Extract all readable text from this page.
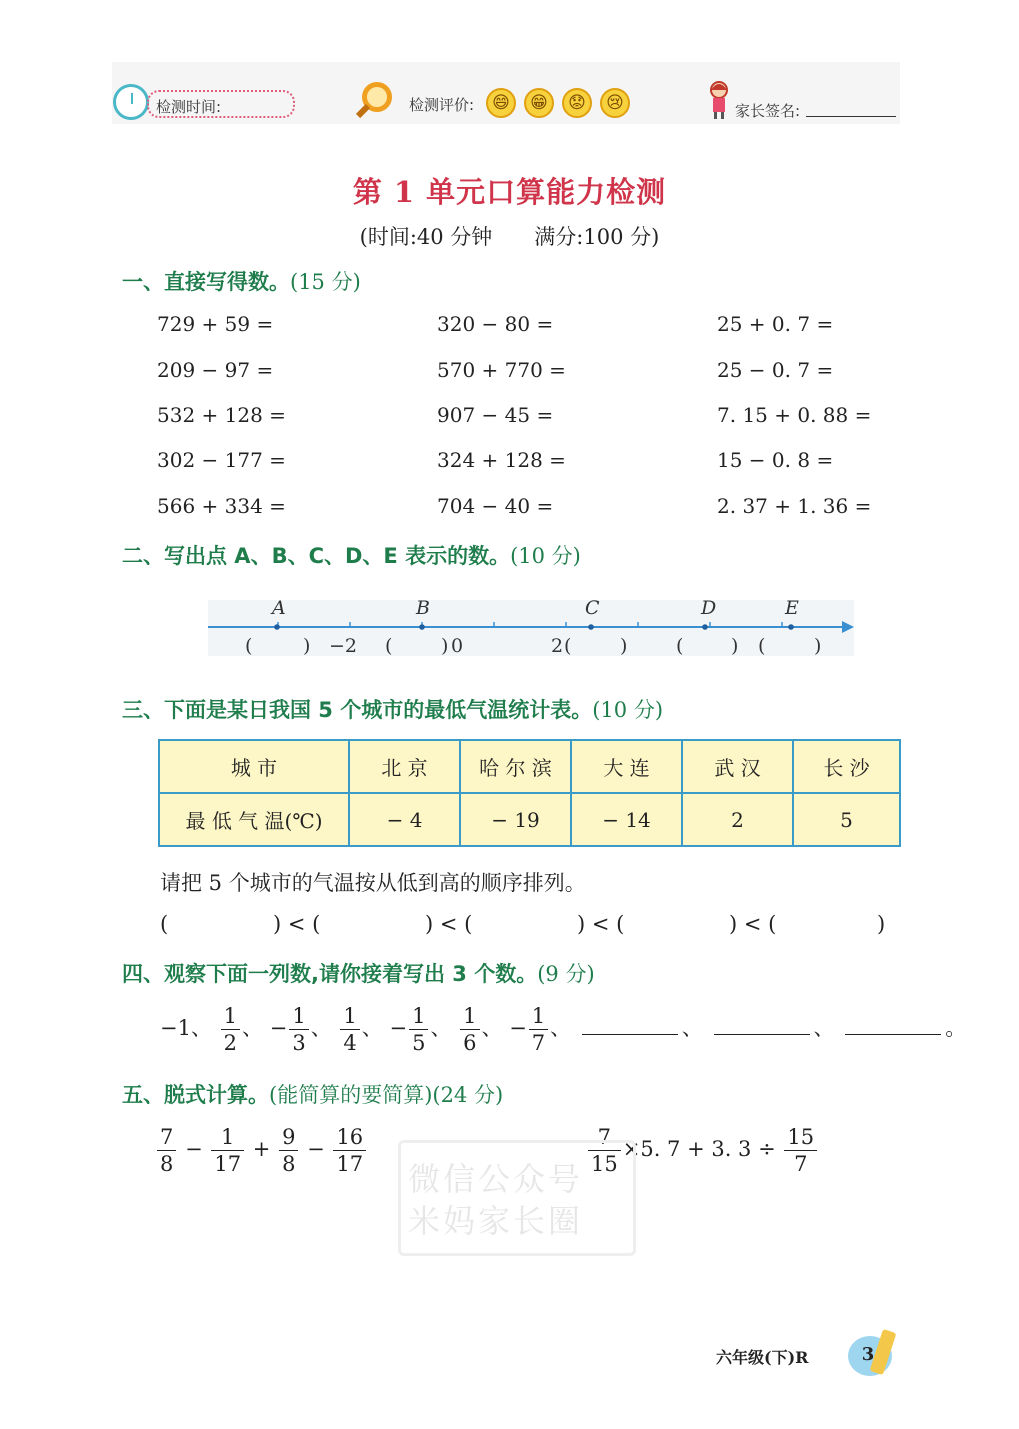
检测时间:	检测评价:	😄	😁	😟	😢	家长签名:
第 1 单元口算能力检测
(时间:40 分钟　　满分:100 分)
一、直接写得数。(15 分)
729 + 59 =	320 − 80 =	25 + 0. 7 =
209 − 97 =	570 + 770 =	25 − 0. 7 =
532 + 128 =	907 − 45 =	7. 15 + 0. 88 =
302 − 177 =	324 + 128 =	15 − 0. 8 =
566 + 334 =	704 − 40 =	2. 37 + 1. 36 =
二、写出点 A、B、C、D、E 表示的数。(10 分)
A	B	C	D	E
(	) −2 (	) 0	2 (	)	(	) (	)
三、下面是某日我国 5 个城市的最低气温统计表。(10 分)
城 市	北 京	哈 尔 滨	大 连	武 汉	长 沙
最 低 气 温(℃)	− 4	− 19	− 14	2	5
请把 5 个城市的气温按从低到高的顺序排列。
(	) < (	) < (	) < (	) < (	)
四、观察下面一列数,请你接着写出 3 个数。(9 分)
−1、 $\frac{1}{2}$ 、 − $\frac{1}{3}$ 、 $\frac{1}{4}$ 、 − $\frac{1}{5}$ 、 $\frac{1}{6}$ 、 − $\frac{1}{7}$ 、	、	、	。
五、脱式计算。(能简算的要简算)(24 分)
$\frac{7}{8} - \frac{1}{17} + \frac{9}{8} - \frac{16}{17}$	$\frac{7}{15} \times 5$. 7 + 3. $3 \div \frac{15}{7}$
微信公众号
米妈家长圈
六年级(下)R	3
